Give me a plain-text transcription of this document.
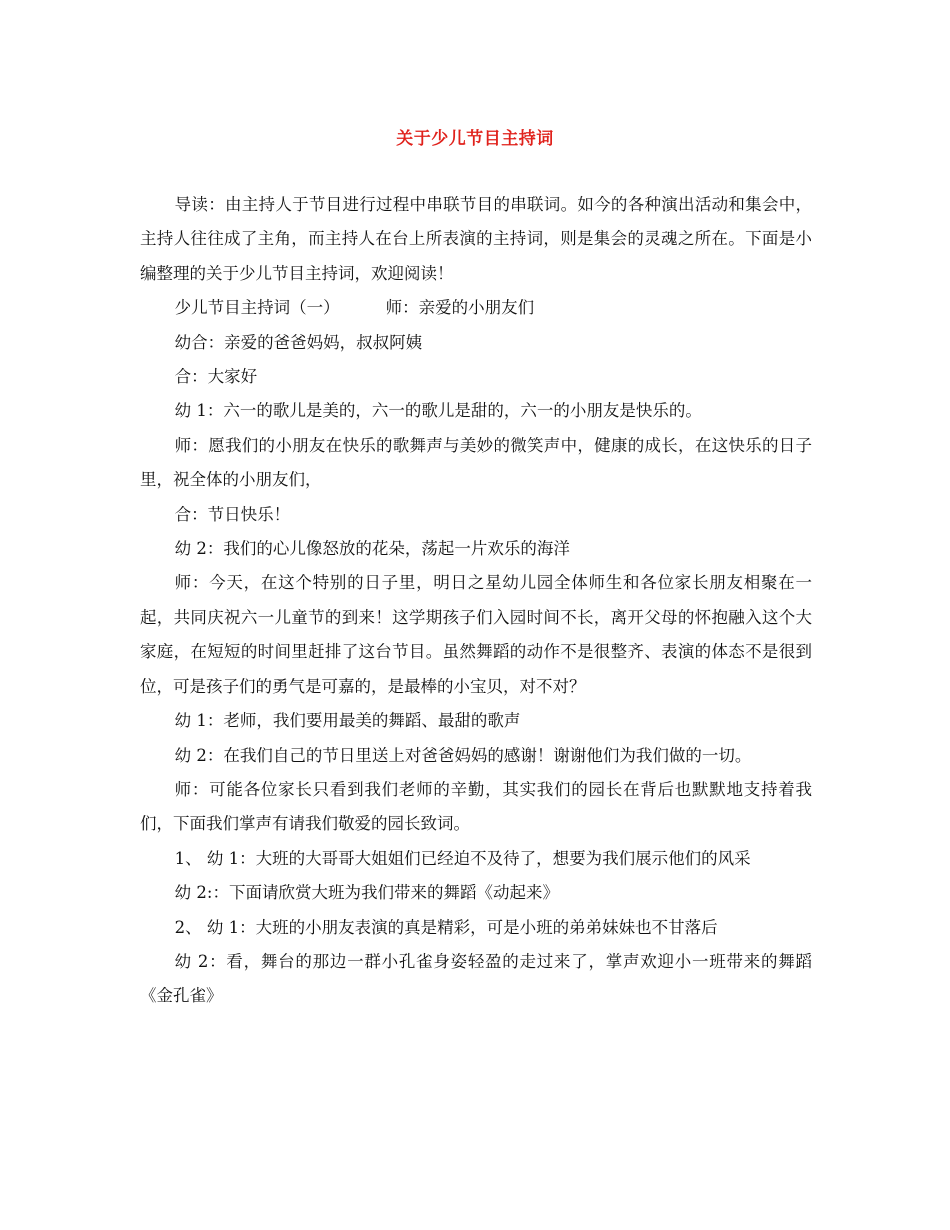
关于少儿节目主持词

导读：由主持人于节目进行过程中串联节目的串联词。如今的各种演出活动和集会中，主持人往往成了主角，而主持人在台上所表演的主持词，则是集会的灵魂之所在。下面是小编整理的关于少儿节目主持词，欢迎阅读！

少儿节目主持词（一）	师：亲爱的小朋友们

幼合：亲爱的爸爸妈妈，叔叔阿姨

合：大家好

幼 1：六一的歌儿是美的，六一的歌儿是甜的，六一的小朋友是快乐的。

师：愿我们的小朋友在快乐的歌舞声与美妙的微笑声中，健康的成长，在这快乐的日子里，祝全体的小朋友们，

合：节日快乐！

幼 2：我们的心儿像怒放的花朵，荡起一片欢乐的海洋

师：今天，在这个特别的日子里，明日之星幼儿园全体师生和各位家长朋友相聚在一起，共同庆祝六一儿童节的到来！这学期孩子们入园时间不长，离开父母的怀抱融入这个大家庭，在短短的时间里赶排了这台节目。虽然舞蹈的动作不是很整齐、表演的体态不是很到位，可是孩子们的勇气是可嘉的，是最棒的小宝贝，对不对？

幼 1：老师，我们要用最美的舞蹈、最甜的歌声

幼 2：在我们自己的节日里送上对爸爸妈妈的感谢！谢谢他们为我们做的一切。

师：可能各位家长只看到我们老师的辛勤，其实我们的园长在背后也默默地支持着我们，下面我们掌声有请我们敬爱的园长致词。

1、 幼 1：大班的大哥哥大姐姐们已经迫不及待了，想要为我们展示他们的风采

幼 2:：下面请欣赏大班为我们带来的舞蹈《动起来》

2、 幼 1：大班的小朋友表演的真是精彩，可是小班的弟弟妹妹也不甘落后

幼 2：看，舞台的那边一群小孔雀身姿轻盈的走过来了，掌声欢迎小一班带来的舞蹈《金孔雀》
